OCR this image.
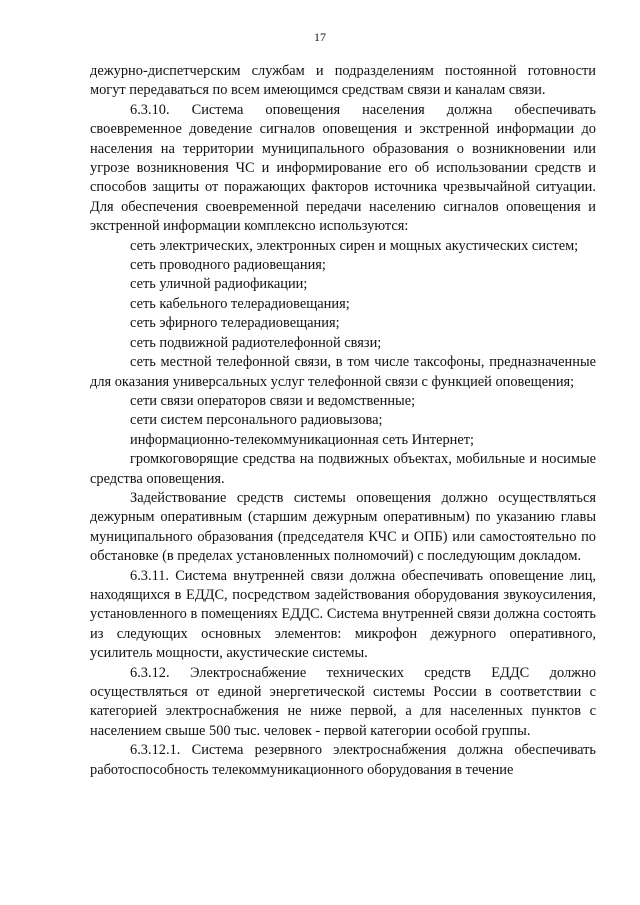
17

дежурно-диспетчерским службам и подразделениям постоянной готовности могут передаваться по всем имеющимся средствам связи и каналам связи.

6.3.10. Система оповещения населения должна обеспечивать своевременное доведение сигналов оповещения и экстренной информации до населения на территории муниципального образования о возникновении или угрозе возникновения ЧС и информирование его об использовании средств и способов защиты от поражающих факторов источника чрезвычайной ситуации. Для обеспечения своевременной передачи населению сигналов оповещения и экстренной информации комплексно используются:

сеть электрических, электронных сирен и мощных акустических систем;

сеть проводного радиовещания;

сеть уличной радиофикации;

сеть кабельного телерадиовещания;

сеть эфирного телерадиовещания;

сеть подвижной радиотелефонной связи;

сеть местной телефонной связи, в том числе таксофоны, предназначенные для оказания универсальных услуг телефонной связи с функцией оповещения;

сети связи операторов связи и ведомственные;

сети систем персонального радиовызова;

информационно-телекоммуникационная сеть Интернет;

громкоговорящие средства на подвижных объектах, мобильные и носимые средства оповещения.

Задействование средств системы оповещения должно осуществляться дежурным оперативным (старшим дежурным оперативным) по указанию главы муниципального образования (председателя КЧС и ОПБ) или самостоятельно по обстановке (в пределах установленных полномочий) с последующим докладом.

6.3.11. Система внутренней связи должна обеспечивать оповещение лиц, находящихся в ЕДДС, посредством задействования оборудования звукоусиления, установленного в помещениях ЕДДС. Система внутренней связи должна состоять из следующих основных элементов: микрофон дежурного оперативного, усилитель мощности, акустические системы.

6.3.12. Электроснабжение технических средств ЕДДС должно осуществляться от единой энергетической системы России в соответствии с категорией электроснабжения не ниже первой, а для населенных пунктов с населением свыше 500 тыс. человек - первой категории особой группы.

6.3.12.1. Система резервного электроснабжения должна обеспечивать работоспособность телекоммуникационного оборудования в течение
